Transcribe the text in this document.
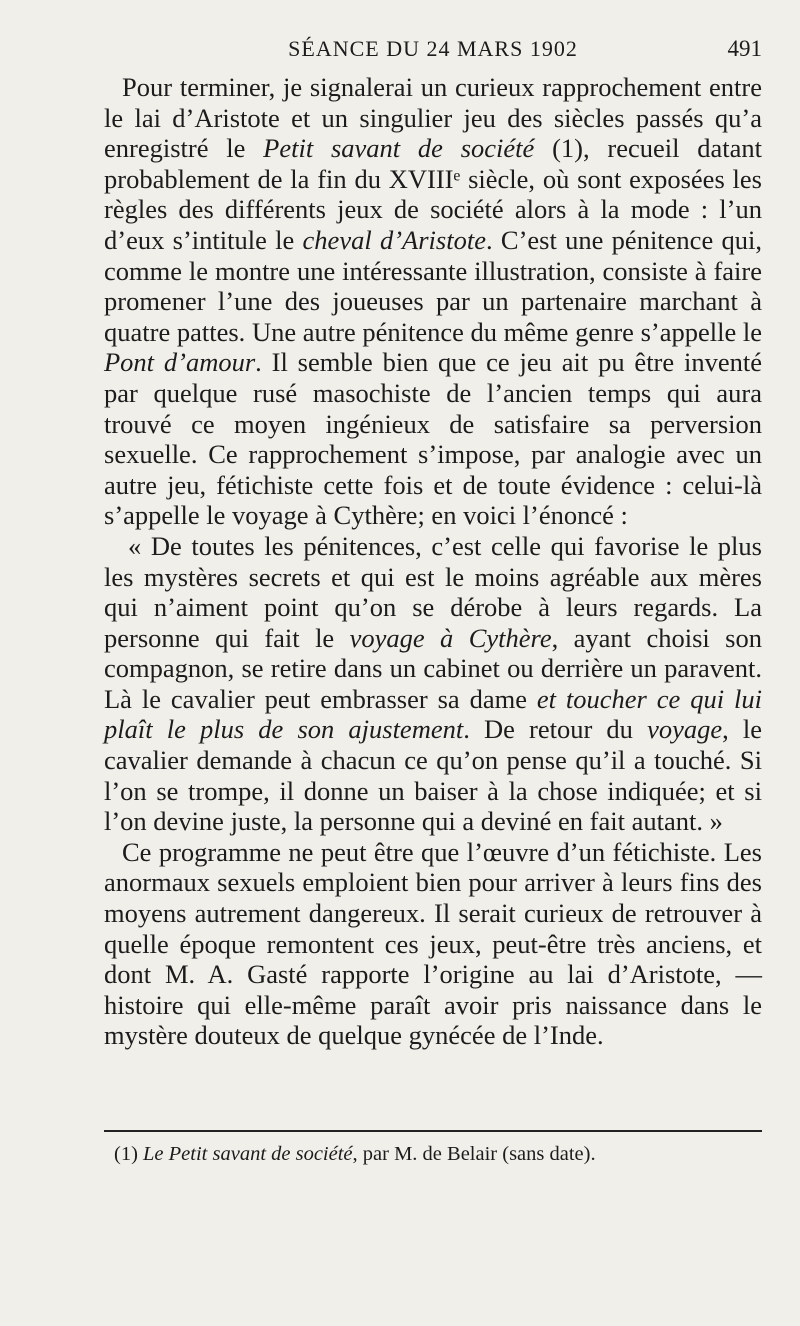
SÉANCE DU 24 MARS 1902	491

Pour terminer, je signalerai un curieux rapprochement entre le lai d’Aristote et un singulier jeu des siècles passés qu’a enregistré le Petit savant de société (1), recueil datant probablement de la fin du XVIIIᵉ siècle, où sont exposées les règles des différents jeux de société alors à la mode : l’un d’eux s’intitule le cheval d’Aristote. C’est une pénitence qui, comme le montre une intéressante illustration, consiste à faire promener l’une des joueuses par un partenaire marchant à quatre pattes. Une autre pénitence du même genre s’appelle le Pont d’amour. Il semble bien que ce jeu ait pu être inventé par quelque rusé masochiste de l’ancien temps qui aura trouvé ce moyen ingénieux de satisfaire sa perversion sexuelle. Ce rapprochement s’impose, par analogie avec un autre jeu, fétichiste cette fois et de toute évidence : celui-là s’appelle le voyage à Cythère; en voici l’énoncé :

« De toutes les pénitences, c’est celle qui favorise le plus les mystères secrets et qui est le moins agréable aux mères qui n’aiment point qu’on se dérobe à leurs regards. La personne qui fait le voyage à Cythère, ayant choisi son compagnon, se retire dans un cabinet ou derrière un paravent. Là le cavalier peut embrasser sa dame et toucher ce qui lui plaît le plus de son ajustement. De retour du voyage, le cavalier demande à chacun ce qu’on pense qu’il a touché. Si l’on se trompe, il donne un baiser à la chose indiquée; et si l’on devine juste, la personne qui a deviné en fait autant. »

Ce programme ne peut être que l’œuvre d’un fétichiste. Les anormaux sexuels emploient bien pour arriver à leurs fins des moyens autrement dangereux. Il serait curieux de retrouver à quelle époque remontent ces jeux, peut-être très anciens, et dont M. A. Gasté rapporte l’origine au lai d’Aristote, — histoire qui elle-même paraît avoir pris naissance dans le mystère douteux de quelque gynécée de l’Inde.

(1) Le Petit savant de société, par M. de Belair (sans date).
